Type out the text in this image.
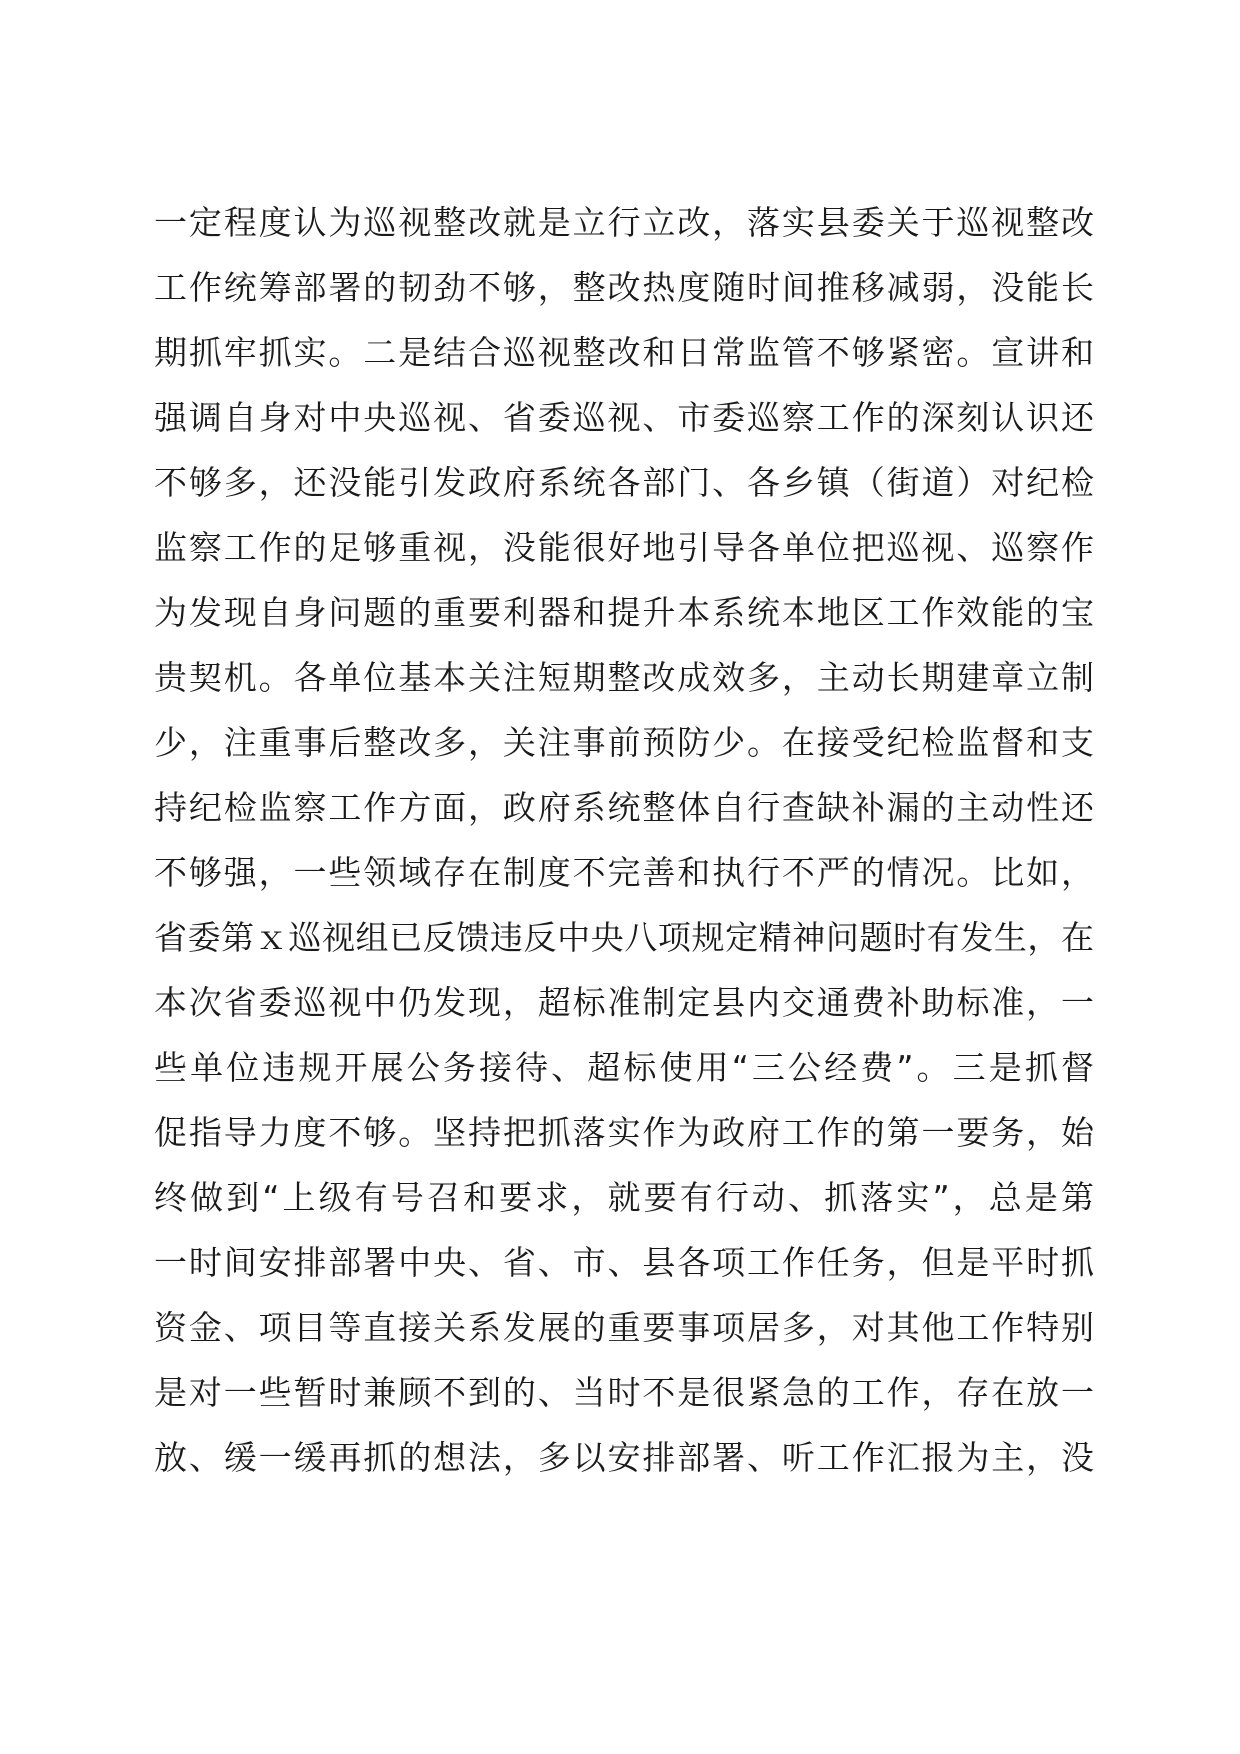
一定程度认为巡视整改就是立行立改，落实县委关于巡视整改
工作统筹部署的韧劲不够，整改热度随时间推移减弱，没能长
期抓牢抓实。二是结合巡视整改和日常监管不够紧密。宣讲和
强调自身对中央巡视、省委巡视、市委巡察工作的深刻认识还
不够多，还没能引发政府系统各部门、各乡镇（街道）对纪检
监察工作的足够重视，没能很好地引导各单位把巡视、巡察作
为发现自身问题的重要利器和提升本系统本地区工作效能的宝
贵契机。各单位基本关注短期整改成效多，主动长期建章立制
少，注重事后整改多，关注事前预防少。在接受纪检监督和支
持纪检监察工作方面，政府系统整体自行查缺补漏的主动性还
不够强，一些领域存在制度不完善和执行不严的情况。比如，
省委第ｘ巡视组已反馈违反中央八项规定精神问题时有发生，在
本次省委巡视中仍发现，超标准制定县内交通费补助标准，一
些单位违规开展公务接待、超标使用“三公经费”。三是抓督
促指导力度不够。坚持把抓落实作为政府工作的第一要务，始
终做到“上级有号召和要求，就要有行动、抓落实”，总是第
一时间安排部署中央、省、市、县各项工作任务，但是平时抓
资金、项目等直接关系发展的重要事项居多，对其他工作特别
是对一些暂时兼顾不到的、当时不是很紧急的工作，存在放一
放、缓一缓再抓的想法，多以安排部署、听工作汇报为主，没
